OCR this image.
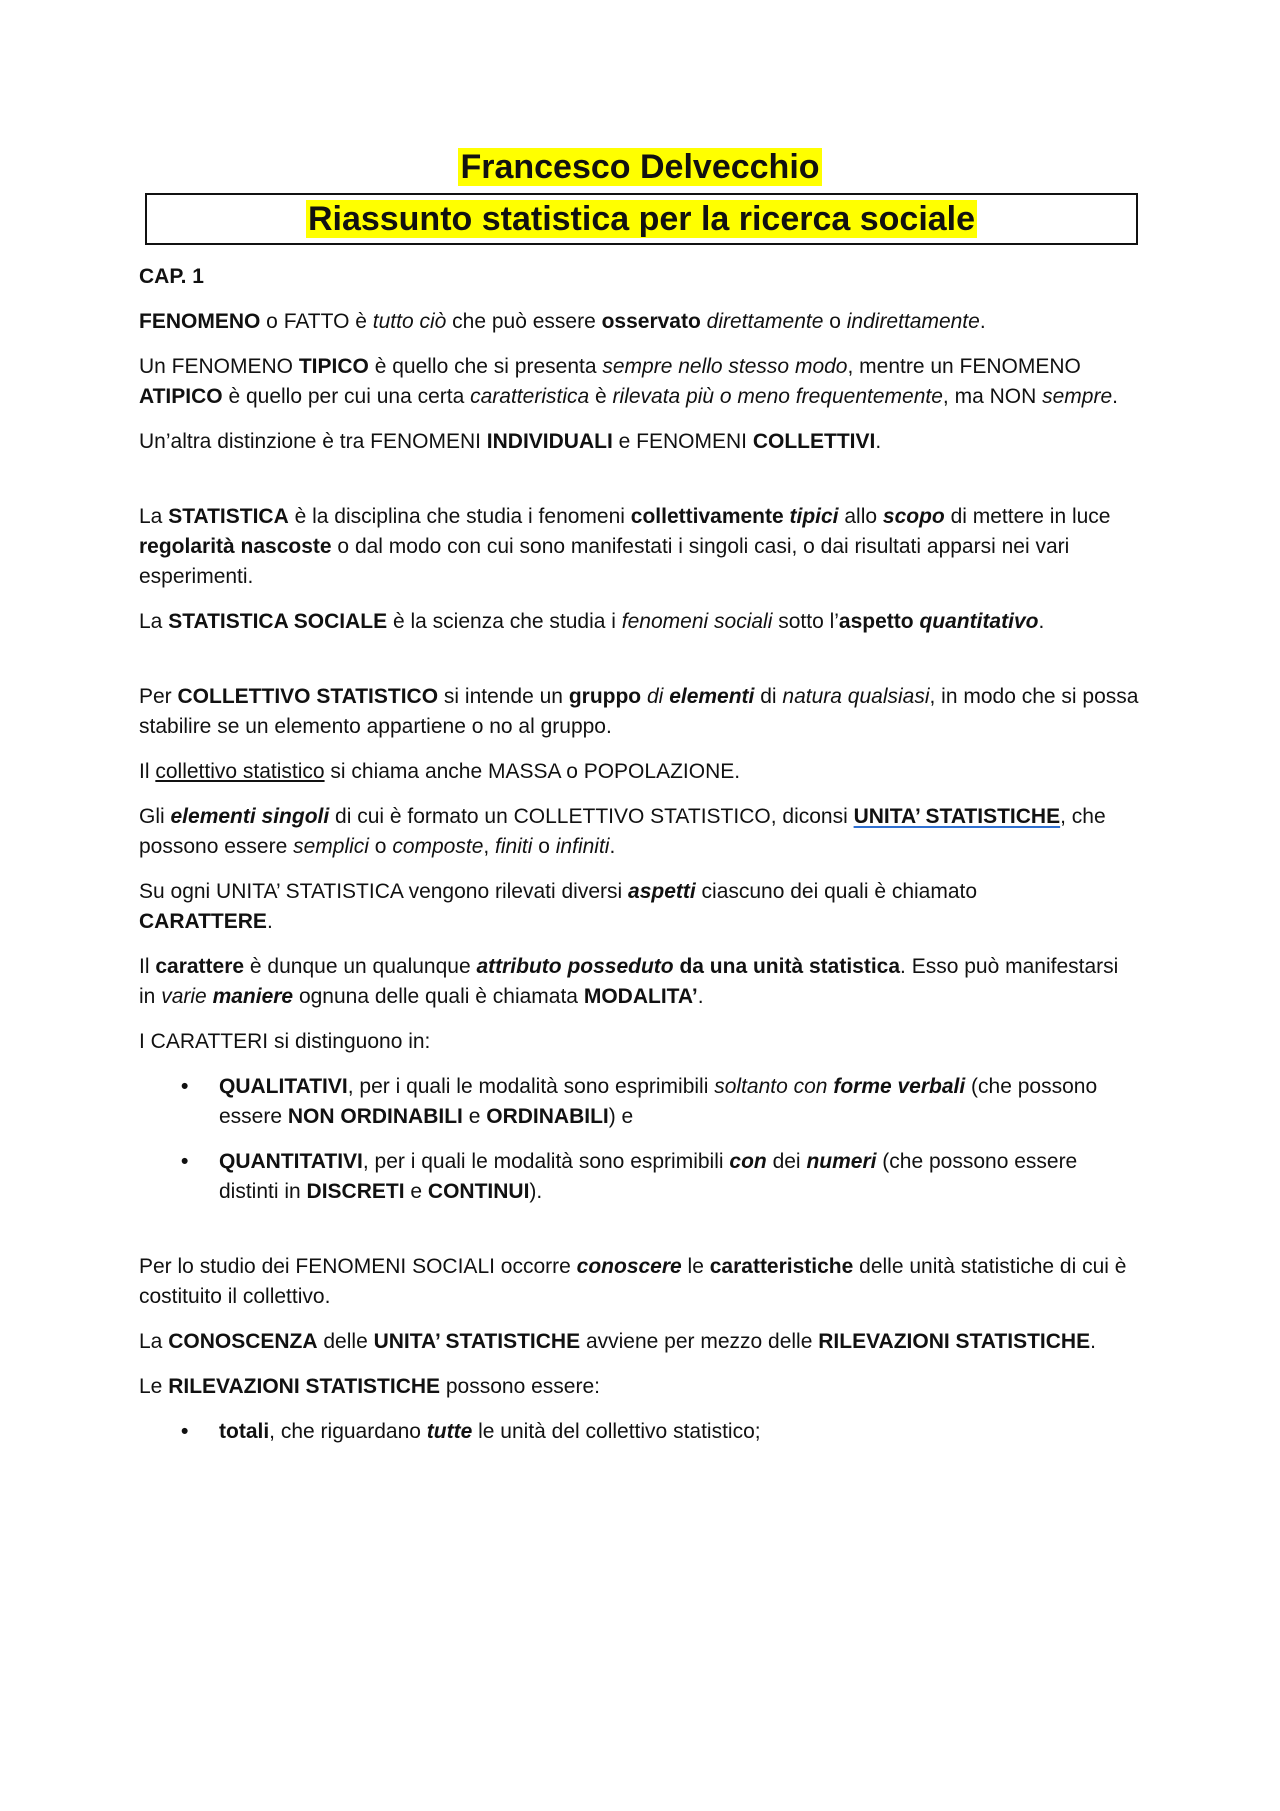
Francesco Delvecchio
Riassunto statistica per la ricerca sociale

CAP. 1

FENOMENO o FATTO è tutto ciò che può essere osservato direttamente o indirettamente.

Un FENOMENO TIPICO è quello che si presenta sempre nello stesso modo, mentre un FENOMENO ATIPICO è quello per cui una certa caratteristica è rilevata più o meno frequentemente, ma NON sempre.

Un’altra distinzione è tra FENOMENI INDIVIDUALI e FENOMENI COLLETTIVI.

La STATISTICA è la disciplina che studia i fenomeni collettivamente tipici allo scopo di mettere in luce regolarità nascoste o dal modo con cui sono manifestati i singoli casi, o dai risultati apparsi nei vari esperimenti.

La STATISTICA SOCIALE è la scienza che studia i fenomeni sociali sotto l’aspetto quantitativo.

Per COLLETTIVO STATISTICO si intende un gruppo di elementi di natura qualsiasi, in modo che si possa stabilire se un elemento appartiene o no al gruppo.

Il collettivo statistico si chiama anche MASSA o POPOLAZIONE.

Gli elementi singoli di cui è formato un COLLETTIVO STATISTICO, diconsi UNITA’ STATISTICHE, che possono essere semplici o composte, finiti o infiniti.

Su ogni UNITA’ STATISTICA vengono rilevati diversi aspetti ciascuno dei quali è chiamato
CARATTERE.

Il carattere è dunque un qualunque attributo posseduto da una unità statistica. Esso può manifestarsi in varie maniere ognuna delle quali è chiamata MODALITA’.

I CARATTERI si distinguono in:

• QUALITATIVI, per i quali le modalità sono esprimibili soltanto con forme verbali (che possono essere NON ORDINABILI e ORDINABILI) e
• QUANTITATIVI, per i quali le modalità sono esprimibili con dei numeri (che possono essere distinti in DISCRETI e CONTINUI).

Per lo studio dei FENOMENI SOCIALI occorre conoscere le caratteristiche delle unità statistiche di cui è costituito il collettivo.

La CONOSCENZA delle UNITA’ STATISTICHE avviene per mezzo delle RILEVAZIONI STATISTICHE.

Le RILEVAZIONI STATISTICHE possono essere:

• totali, che riguardano tutte le unità del collettivo statistico;
